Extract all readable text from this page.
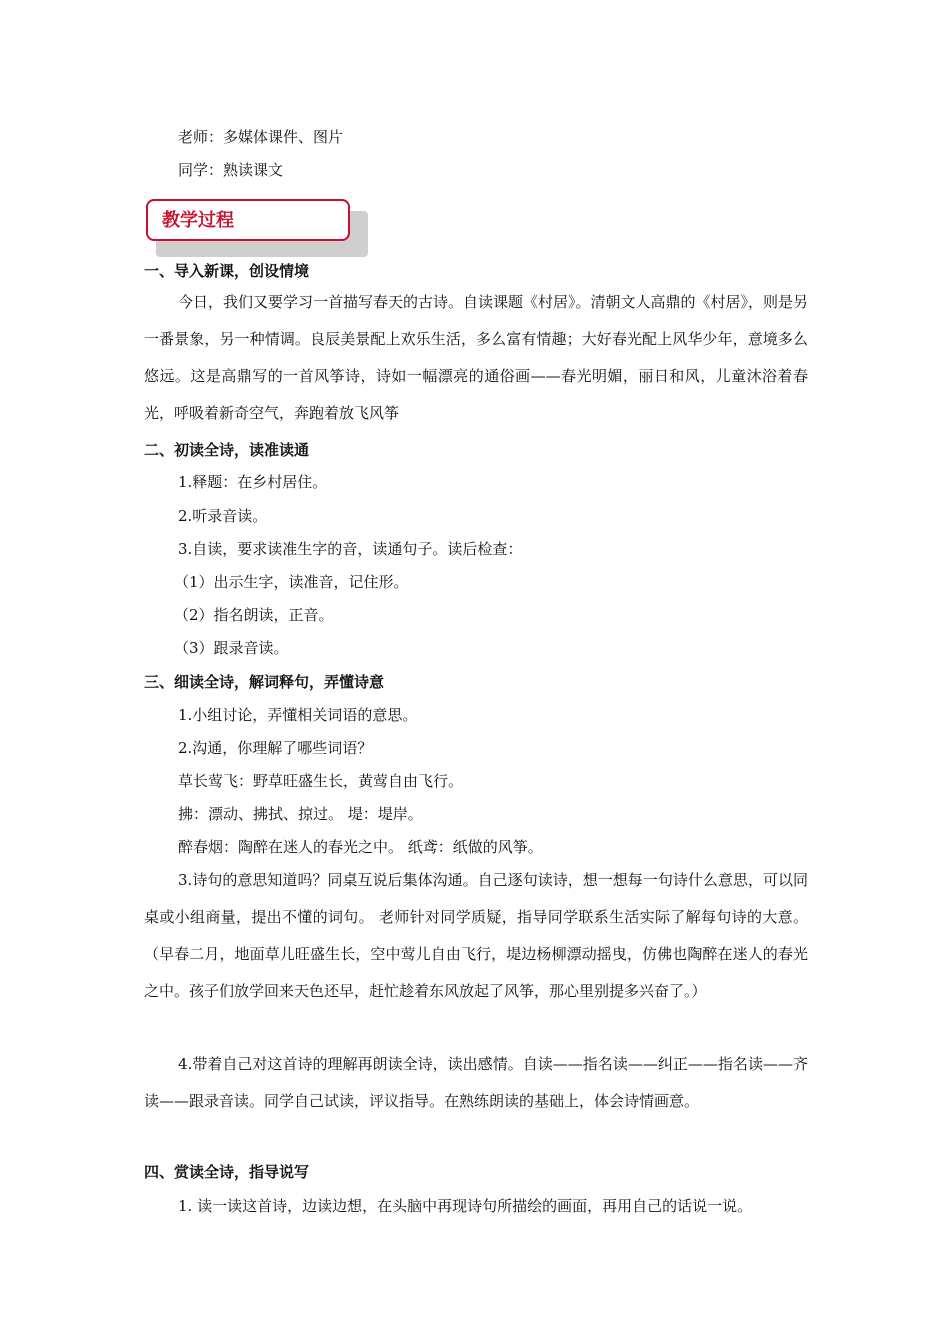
老师：多媒体课件、图片
同学：熟读课文
教学过程
一、导入新课，创设情境
今日，我们又要学习一首描写春天的古诗。自读课题《村居》。清朝文人高鼎的《村居》，则是另一番景象，另一种情调。良辰美景配上欢乐生活，多么富有情趣；大好春光配上风华少年，意境多么悠远。这是高鼎写的一首风筝诗，诗如一幅漂亮的通俗画——春光明媚，丽日和风，儿童沐浴着春光，呼吸着新奇空气，奔跑着放飞风筝
二、初读全诗，读准读通
1.释题：在乡村居住。
2.听录音读。
3.自读，要求读准生字的音，读通句子。读后检查：
（1）出示生字，读准音，记住形。
（2）指名朗读，正音。
（3）跟录音读。
三、细读全诗，解词释句，弄懂诗意
1.小组讨论，弄懂相关词语的意思。
2.沟通，你理解了哪些词语？
草长莺飞：野草旺盛生长，黄莺自由飞行。
拂：漂动、拂拭、掠过。 堤：堤岸。
醉春烟：陶醉在迷人的春光之中。 纸鸢：纸做的风筝。
3.诗句的意思知道吗？同桌互说后集体沟通。自己逐句读诗，想一想每一句诗什么意思，可以同桌或小组商量，提出不懂的词句。 老师针对同学质疑，指导同学联系生活实际了解每句诗的大意。（早春二月，地面草儿旺盛生长，空中莺儿自由飞行，堤边杨柳漂动摇曳，仿佛也陶醉在迷人的春光之中。孩子们放学回来天色还早，赶忙趁着东风放起了风筝，那心里别提多兴奋了。）
4.带着自己对这首诗的理解再朗读全诗，读出感情。自读——指名读——纠正——指名读——齐读——跟录音读。同学自己试读，评议指导。在熟练朗读的基础上，体会诗情画意。
四、赏读全诗，指导说写
1. 读一读这首诗，边读边想，在头脑中再现诗句所描绘的画面，再用自己的话说一说。
